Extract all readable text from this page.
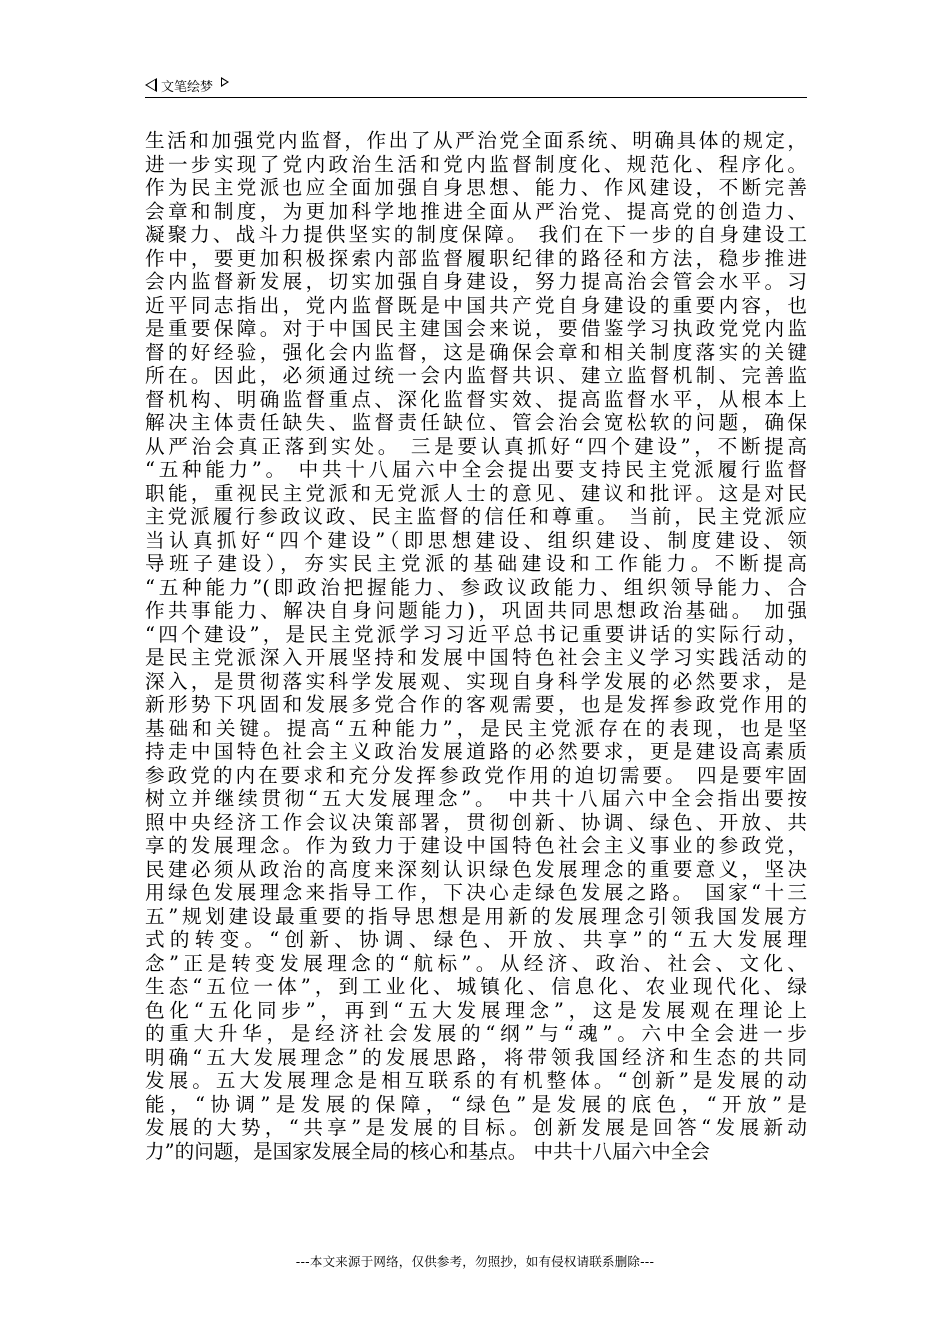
文笔绘梦
生活和加强党内监督，作出了从严治党全面系统、明确具体的规定，
进一步实现了党内政治生活和党内监督制度化、规范化、程序化。
作为民主党派也应全面加强自身思想、能力、作风建设，不断完善
会章和制度，为更加科学地推进全面从严治党、提高党的创造力、
凝聚力、战斗力提供坚实的制度保障。 我们在下一步的自身建设工
作中，要更加积极探索内部监督履职纪律的路径和方法，稳步推进
会内监督新发展，切实加强自身建设，努力提高治会管会水平。习
近平同志指出，党内监督既是中国共产党自身建设的重要内容，也
是重要保障。对于中国民主建国会来说，要借鉴学习执政党党内监
督的好经验，强化会内监督，这是确保会章和相关制度落实的关键
所在。因此，必须通过统一会内监督共识、建立监督机制、完善监
督机构、明确监督重点、深化监督实效、提高监督水平，从根本上
解决主体责任缺失、监督责任缺位、管会治会宽松软的问题，确保
从严治会真正落到实处。 三是要认真抓好“四个建设”，不断提高
“五种能力”。 中共十八届六中全会提出要支持民主党派履行监督
职能，重视民主党派和无党派人士的意见、建议和批评。这是对民
主党派履行参政议政、民主监督的信任和尊重。 当前，民主党派应
当认真抓好“四个建设”（即思想建设、组织建设、制度建设、领
导班子建设），夯实民主党派的基础建设和工作能力。不断提高
“五种能力”(即政治把握能力、参政议政能力、组织领导能力、合
作共事能力、解决自身问题能力)，巩固共同思想政治基础。 加强
“四个建设”，是民主党派学习习近平总书记重要讲话的实际行动，
是民主党派深入开展坚持和发展中国特色社会主义学习实践活动的
深入，是贯彻落实科学发展观、实现自身科学发展的必然要求，是
新形势下巩固和发展多党合作的客观需要，也是发挥参政党作用的
基础和关键。提高“五种能力”，是民主党派存在的表现，也是坚
持走中国特色社会主义政治发展道路的必然要求，更是建设高素质
参政党的内在要求和充分发挥参政党作用的迫切需要。 四是要牢固
树立并继续贯彻“五大发展理念”。 中共十八届六中全会指出要按
照中央经济工作会议决策部署，贯彻创新、协调、绿色、开放、共
享的发展理念。作为致力于建设中国特色社会主义事业的参政党，
民建必须从政治的高度来深刻认识绿色发展理念的重要意义，坚决
用绿色发展理念来指导工作，下决心走绿色发展之路。 国家“十三
五”规划建设最重要的指导思想是用新的发展理念引领我国发展方
式的转变。“创新、协调、绿色、开放、共享”的“五大发展理
念”正是转变发展理念的“航标”。从经济、政治、社会、文化、
生态“五位一体”，到工业化、城镇化、信息化、农业现代化、绿
色化“五化同步”，再到“五大发展理念”，这是发展观在理论上
的重大升华，是经济社会发展的“纲”与“魂”。六中全会进一步
明确“五大发展理念”的发展思路，将带领我国经济和生态的共同
发展。五大发展理念是相互联系的有机整体。“创新”是发展的动
能，“协调”是发展的保障，“绿色”是发展的底色，“开放”是
发展的大势，“共享”是发展的目标。创新发展是回答“发展新动
力”的问题，是国家发展全局的核心和基点。 中共十八届六中全会
---本文来源于网络，仅供参考，勿照抄，如有侵权请联系删除---
